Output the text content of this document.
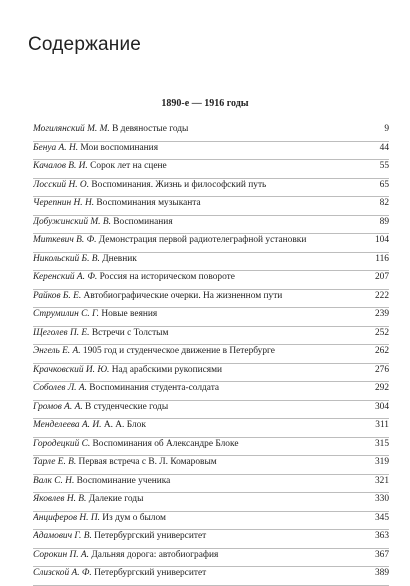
Содержание
1890-е — 1916 годы
Могилянский М. М. В девяностые годы	9
Бенуа А. Н. Мои воспоминания	44
Качалов В. И. Сорок лет на сцене	55
Лосский Н. О. Воспоминания. Жизнь и философский путь	65
Черепнин Н. Н. Воспоминания музыканта	82
Добужинский М. В. Воспоминания	89
Миткевич В. Ф. Демонстрация первой радиотелеграфной установки	104
Никольский Б. В. Дневник	116
Керенский А. Ф. Россия на историческом повороте	207
Райков Б. Е. Автобиографические очерки. На жизненном пути	222
Струмилин С. Г. Новые веяния	239
Щеголев П. Е. Встречи с Толстым	252
Энгель Е. А. 1905 год и студенческое движение в Петербурге	262
Крачковский И. Ю. Над арабскими рукописями	276
Соболев Л. А. Воспоминания студента-солдата	292
Громов А. А. В студенческие годы	304
Менделеева А. И. А. А. Блок	311
Городецкий С. Воспоминания об Александре Блоке	315
Тарле Е. В. Первая встреча с В. Л. Комаровым	319
Валк С. Н. Воспоминание ученика	321
Яковлев Н. В. Далекие годы	330
Анциферов Н. П. Из дум о былом	345
Адамович Г. В. Петербургский университет	363
Сорокин П. А. Дальняя дорога: автобиография	367
Слизской А. Ф. Петербургский университет	389
